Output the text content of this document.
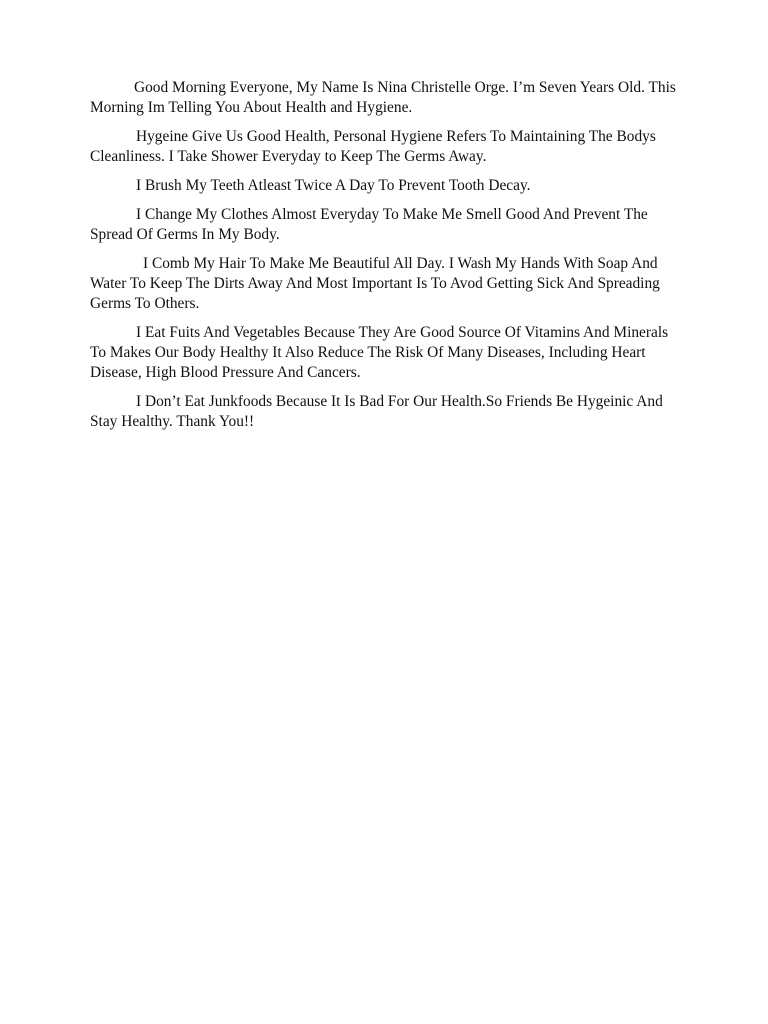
Good Morning Everyone, My Name Is Nina Christelle Orge. I’m Seven Years Old. This Morning Im Telling You About Health and Hygiene.

Hygeine Give Us Good Health, Personal Hygiene Refers To Maintaining The Bodys Cleanliness. I Take Shower Everyday to Keep The Germs Away.

I Brush My Teeth Atleast Twice A Day To Prevent Tooth Decay.

I Change My Clothes Almost Everyday To Make Me Smell Good And Prevent The Spread Of Germs In My Body.

I Comb My Hair To Make Me Beautiful All Day. I Wash My Hands With Soap And Water To Keep The Dirts Away And Most Important Is To Avod Getting Sick And Spreading Germs To Others.

I Eat Fuits And Vegetables Because They Are Good Source Of Vitamins And Minerals To Makes Our Body Healthy It Also Reduce The Risk Of Many Diseases, Including Heart Disease, High Blood Pressure And Cancers.

I Don’t Eat Junkfoods Because It Is Bad For Our Health.So Friends Be Hygeinic And Stay Healthy. Thank You!!
